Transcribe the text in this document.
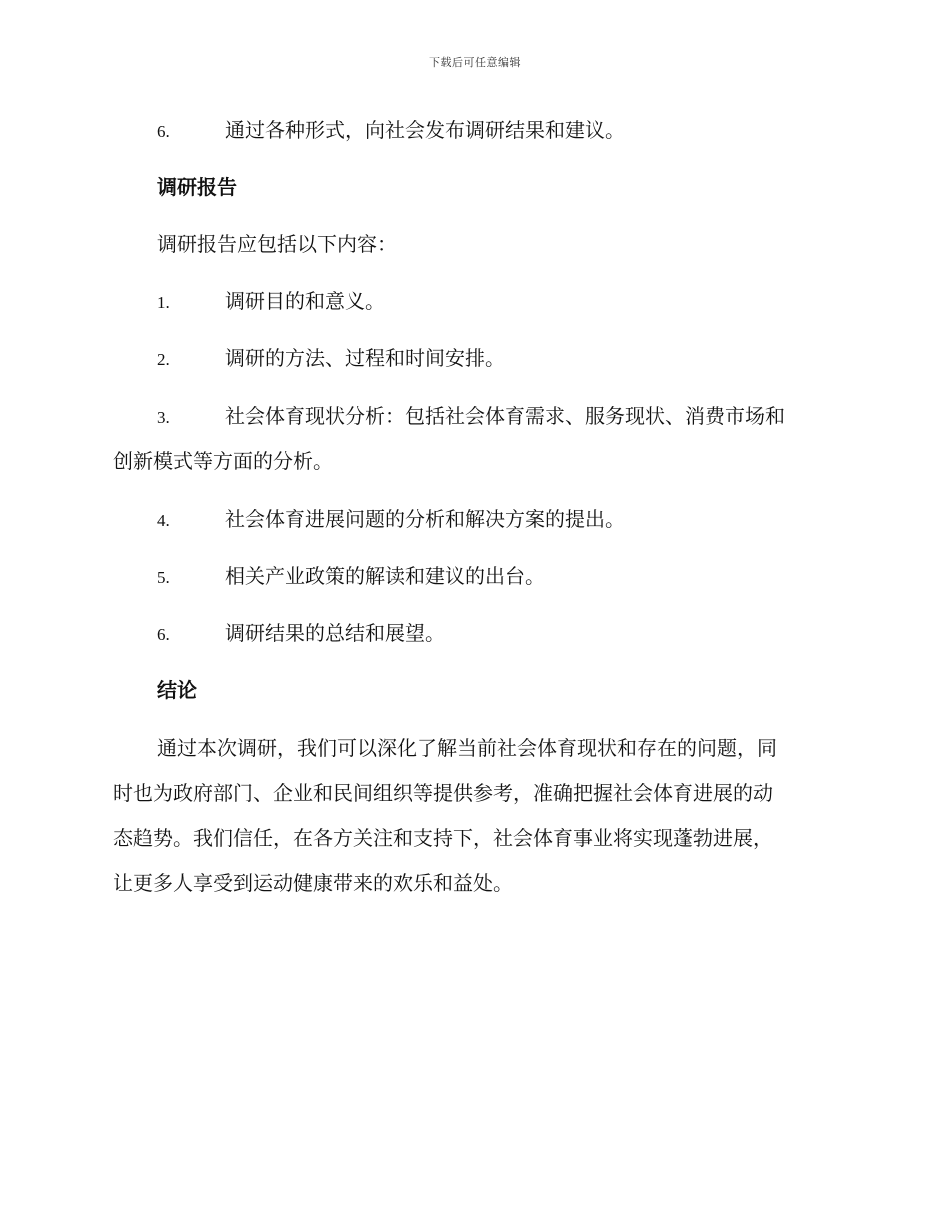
下载后可任意编辑
6.	通过各种形式，向社会发布调研结果和建议。
调研报告
调研报告应包括以下内容：
1.	调研目的和意义。
2.	调研的方法、过程和时间安排。
3.	社会体育现状分析：包括社会体育需求、服务现状、消费市场和
创新模式等方面的分析。
4.	社会体育进展问题的分析和解决方案的提出。
5.	相关产业政策的解读和建议的出台。
6.	调研结果的总结和展望。
结论
通过本次调研，我们可以深化了解当前社会体育现状和存在的问题，同
时也为政府部门、企业和民间组织等提供参考，准确把握社会体育进展的动
态趋势。我们信任，在各方关注和支持下，社会体育事业将实现蓬勃进展，
让更多人享受到运动健康带来的欢乐和益处。
